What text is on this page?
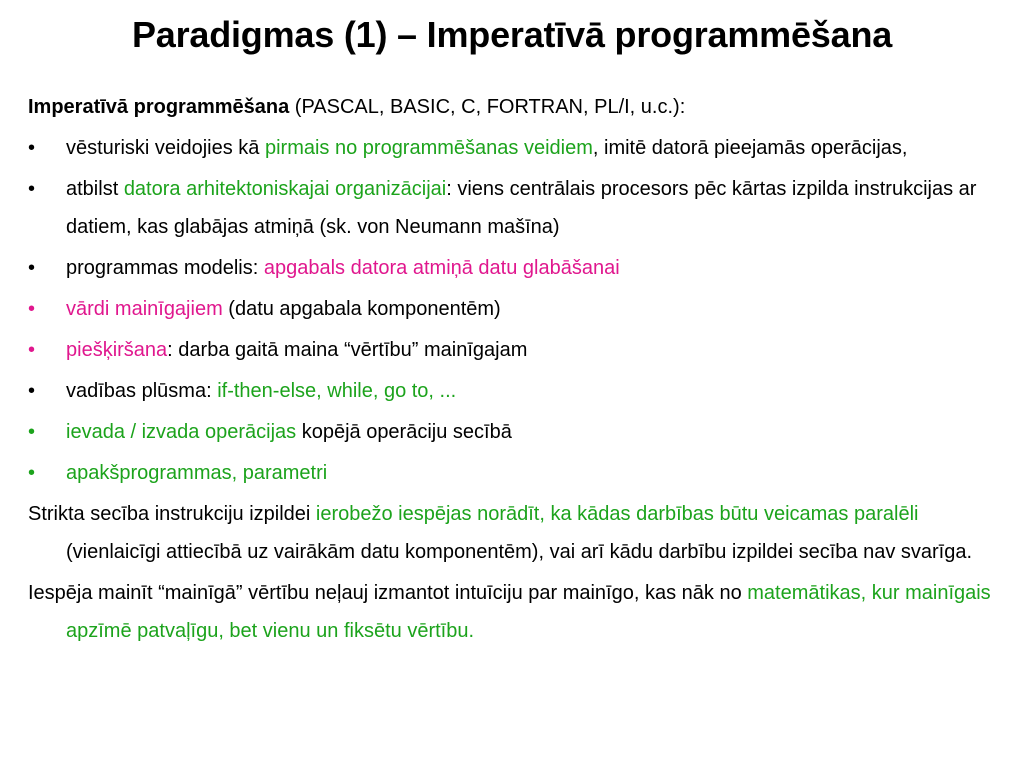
Paradigmas (1) – Imperatīvā programmēšana

Imperatīvā programmēšana (PASCAL, BASIC, C, FORTRAN, PL/I, u.c.):

• vēsturiski veidojies kā pirmais no programmēšanas veidiem, imitē datorā pieejamās operācijas,
• atbilst datora arhitektoniskajai organizācijai: viens centrālais procesors pēc kārtas izpilda instrukcijas ar datiem, kas glabājas atmiņā (sk. von Neumann mašīna)
• programmas modelis: apgabals datora atmiņā datu glabāšanai
• vārdi mainīgajiem (datu apgabala komponentēm)
• piešķiršana: darba gaitā maina “vērtību” mainīgajam
• vadības plūsma: if-then-else, while, go to, ...
• ievada / izvada operācijas kopējā operāciju secībā
• apakšprogrammas, parametri

Strikta secība instrukciju izpildei ierobežo iespējas norādīt, ka kādas darbības būtu veicamas paralēli (vienlaicīgi attiecībā uz vairākām datu komponentēm), vai arī kādu darbību izpildei secība nav svarīga.

Iespēja mainīt “mainīgā” vērtību neļauj izmantot intuīciju par mainīgo, kas nāk no matemātikas, kur mainīgais apzīmē patvaļīgu, bet vienu un fiksētu vērtību.
